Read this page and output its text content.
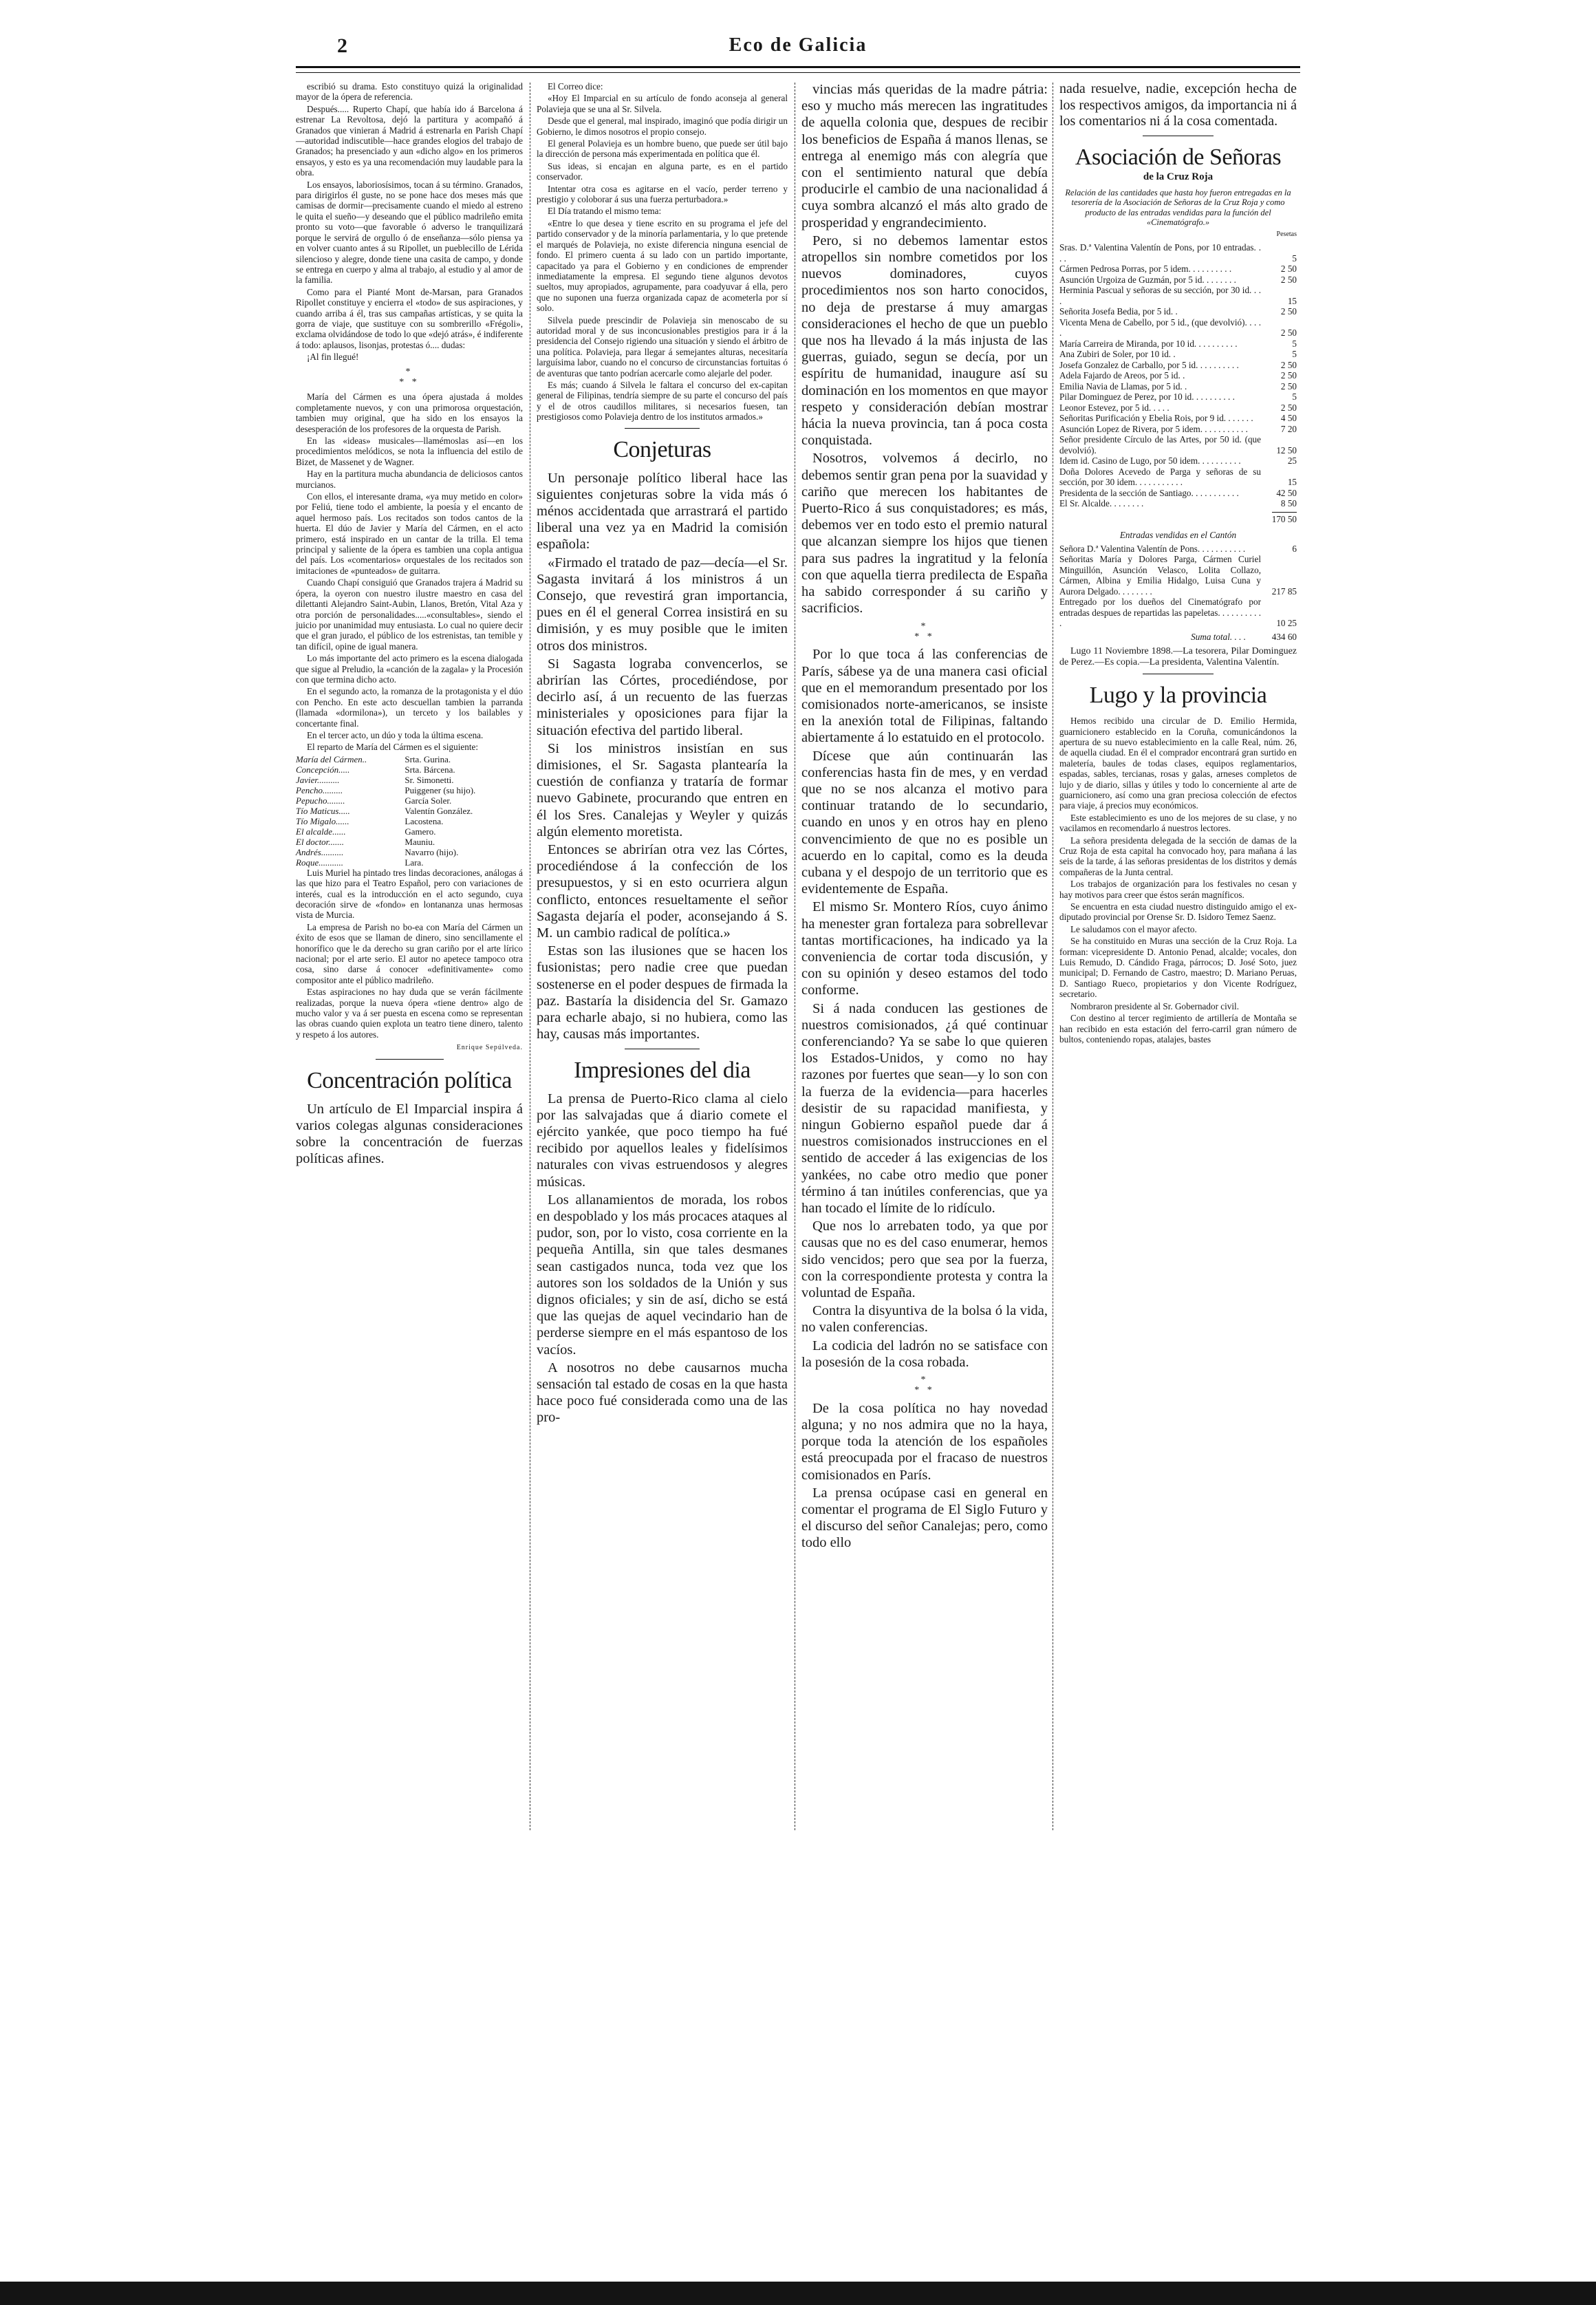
2	Eco de Galicia

escribió su drama. Esto constituyo quizá la originalidad mayor de la ópera de referencia.

Después..... Ruperto Chapí, que había ido á Barcelona á estrenar La Revoltosa, dejó la partitura y acompañó á Granados que vinieran á Madrid á estrenarla en Parish Chapí—autoridad indiscutible—hace grandes elogios del trabajo de Granados; ha presenciado y aun «dicho algo» en los primeros ensayos, y esto es ya una recomendación muy laudable para la obra.

Los ensayos, laboriosísimos, tocan á su término. Granados, para dirigirlos él guste, no se pone hace dos meses más que camisas de dormir—precisamente cuando el miedo al estreno le quita el sueño—y deseando que el público madrileño emita pronto su voto—que favorable ó adverso le tranquilizará porque le servirá de orgullo ó de enseñanza—sólo piensa ya en volver cuanto antes á su Ripollet, un pueblecillo de Lérida silencioso y alegre, donde tiene una casita de campo, y donde se entrega en cuerpo y alma al trabajo, al estudio y al amor de la familia.

Como para el Pianté Mont de-Marsan, para Granados Ripollet constituye y encierra el «todo» de sus aspiraciones, y cuando arriba á él, tras sus campañas artísticas, y se quita la gorra de viaje, que sustituye con su sombrerillo «Frégoli», exclama olvidándose de todo lo que «dejó atrás», é indiferente á todo: aplausos, lisonjas, protestas ó.... dudas:

¡Al fin llegué!

*
* *

María del Cármen es una ópera ajustada á moldes completamente nuevos, y con una primorosa orquestación, tambien muy original, que ha sido en los ensayos la desesperación de los profesores de la orquesta de Parish.

En las «ideas» musicales—llamémoslas así—en los procedimientos melódicos, se nota la influencia del estilo de Bizet, de Massenet y de Wagner.

Hay en la partitura mucha abundancia de deliciosos cantos murcianos.

Con ellos, el interesante drama, «ya muy metido en color» por Feliú, tiene todo el ambiente, la poesía y el encanto de aquel hermoso país. Los recitados son todos cantos de la huerta. El dúo de Javier y María del Cármen, en el acto primero, está inspirado en un cantar de la trilla. El tema principal y saliente de la ópera es tambien una copla antigua del país. Los «comentarios» orquestales de los recitados son imitaciones de «punteados» de guitarra.

Cuando Chapí consiguió que Granados trajera á Madrid su ópera, la oyeron con nuestro ilustre maestro en casa del dilettanti Alejandro Saint-Aubin, Llanos, Bretón, Vital Aza y otra porción de personalidades.....«consultables», siendo el juicio por unanimidad muy entusiasta. Lo cual no quiere decir que el gran jurado, el público de los estrenistas, tan temible y tan difícil, opine de igual manera.

Lo más importante del acto primero es la escena dialogada que sigue al Preludio, la «canción de la zagala» y la Procesión con que termina dicho acto.

En el segundo acto, la romanza de la protagonista y el dúo con Pencho. En este acto descuellan tambien la parranda (llamada «dormilona»), un terceto y los bailables y concertante final.

En el tercer acto, un dúo y toda la última escena.

El reparto de María del Cármen es el siguiente:

María del Cármen..	Srta. Gurina.
Concepción.....	Srta. Bárcena.
Javier..........	Sr. Simonetti.
Pencho.........	Puiggener (su hijo).
Pepucho........	García Soler.
Tío Maticus.....	Valentín González.
Tío Migalo......	Lacostena.
El alcalde......	Gamero.
El doctor.......	Mauniu.
Andrés..........	Navarro (hijo).
Roque...........	Lara.

Luis Muriel ha pintado tres lindas decoraciones, análogas á las que hizo para el Teatro Español, pero con variaciones de interés, cual es la introducción en el acto segundo, cuya decoración sirve de «fondo» en lontananza unas hermosas vista de Murcia.

La empresa de Parish no bo-ea con María del Cármen un éxito de esos que se llaman de dinero, sino sencillamente el honorífico que le da derecho su gran cariño por el arte lírico nacional; por el arte serio. El autor no apetece tampoco otra cosa, sino darse á conocer «definitivamente» como compositor ante el público madrileño.

Estas aspiraciones no hay duda que se verán fácilmente realizadas, porque la nueva ópera «tiene dentro» algo de mucho valor y va á ser puesta en escena como se representan las obras cuando quien explota un teatro tiene dinero, talento y respeto á los autores.

Enrique Sepúlveda.
Concentración política

Un artículo de El Imparcial inspira á varios colegas algunas consideraciones sobre la concentración de fuerzas políticas afines.

El Correo dice:

«Hoy El Imparcial en su artículo de fondo aconseja al general Polavieja que se una al Sr. Silvela.

Desde que el general, mal inspirado, imaginó que podía dirigir un Gobierno, le dimos nosotros el propio consejo.

El general Polavieja es un hombre bueno, que puede ser útil bajo la dirección de persona más experimentada en política que él.

Sus ideas, si encajan en alguna parte, es en el partido conservador.

Intentar otra cosa es agitarse en el vacío, perder terreno y prestigio y coloborar á sus una fuerza perturbadora.»

El Día tratando el mismo tema:

«Entre lo que desea y tiene escrito en su programa el jefe del partido conservador y de la minoría parlamentaria, y lo que pretende el marqués de Polavieja, no existe diferencia ninguna esencial de fondo. El primero cuenta á su lado con un partido importante, capacitado ya para el Gobierno y en condiciones de emprender inmediatamente la empresa. El segundo tiene algunos devotos sueltos, muy apropiados, agrupamente, para coadyuvar á ella, pero que no suponen una fuerza organizada capaz de acometerla por sí solo.

Silvela puede prescindir de Polavieja sin menoscabo de su autoridad moral y de sus inconcusionables prestigios para ir á la presidencia del Consejo rigiendo una situación y siendo el árbitro de una política. Polavieja, para llegar á semejantes alturas, necesitaría larguísima labor, cuando no el concurso de circunstancias fortuitas ó de aventuras que tanto podrían acercarle como alejarle del poder.

Es más; cuando á Silvela le faltara el concurso del ex-capitan general de Filipinas, tendría siempre de su parte el concurso del país y el de otros caudillos militares, si necesarios fuesen, tan prestigiosos como Polavieja dentro de los institutos armados.»

Conjeturas

Un personaje político liberal hace las siguientes conjeturas sobre la vida más ó ménos accidentada que arrastrará el partido liberal una vez ya en Madrid la comisión española:

«Firmado el tratado de paz—decía—el Sr. Sagasta invitará á los ministros á un Consejo, que revestirá gran importancia, pues en él el general Correa insistirá en su dimisión, y es muy posible que le imiten otros dos ministros.

Si Sagasta lograba convencerlos, se abrirían las Córtes, procediéndose, por decirlo así, á un recuento de las fuerzas ministeriales y oposiciones para fijar la situación efectiva del partido liberal.

Si los ministros insistían en sus dimisiones, el Sr. Sagasta plantearía la cuestión de confianza y trataría de formar nuevo Gabinete, procurando que entren en él los Sres. Canalejas y Weyler y quizás algún elemento moretista.

Entonces se abrirían otra vez las Córtes, procediéndose á la confección de los presupuestos, y si en esto ocurriera algun conflicto, entonces resueltamente el señor Sagasta dejaría el poder, aconsejando á S. M. un cambio radical de política.»

Estas son las ilusiones que se hacen los fusionistas; pero nadie cree que puedan sostenerse en el poder despues de firmada la paz. Bastaría la disidencia del Sr. Gamazo para echarle abajo, si no hubiera, como las hay, causas más importantes.

Impresiones del dia

La prensa de Puerto-Rico clama al cielo por las salvajadas que á diario comete el ejército yankée, que poco tiempo ha fué recibido por aquellos leales y fidelísimos naturales con vivas estruendosos y alegres músicas.

Los allanamientos de morada, los robos en despoblado y los más procaces ataques al pudor, son, por lo visto, cosa corriente en la pequeña Antilla, sin que tales desmanes sean castigados nunca, toda vez que los autores son los soldados de la Unión y sus dignos oficiales; y sin de así, dicho se está que las quejas de aquel vecindario han de perderse siempre en el más espantoso de los vacíos.

A nosotros no debe causarnos mucha sensación tal estado de cosas en la que hasta hace poco fué considerada como una de las pro-

vincias más queridas de la madre pátria: eso y mucho más merecen las ingratitudes de aquella colonia que, despues de recibir los beneficios de España á manos llenas, se entrega al enemigo más con alegría que con el sentimiento natural que debía producirle el cambio de una nacionalidad á cuya sombra alcanzó el más alto grado de prosperidad y engrandecimiento.

Pero, si no debemos lamentar estos atropellos sin nombre cometidos por los nuevos dominadores, cuyos procedimientos nos son harto conocidos, no deja de prestarse á muy amargas consideraciones el hecho de que un pueblo que nos ha llevado á la más injusta de las guerras, guiado, segun se decía, por un espíritu de humanidad, inaugure así su dominación en los momentos en que mayor respeto y consideración debían mostrar hácia la nueva provincia, tan á poca costa conquistada.

Nosotros, volvemos á decirlo, no debemos sentir gran pena por la suavidad y cariño que merecen los habitantes de Puerto-Rico á sus conquistadores; es más, debemos ver en todo esto el premio natural que alcanzan siempre los hijos que tienen para sus padres la ingratitud y la felonía con que aquella tierra predilecta de España ha sabido corresponder á su cariño y sacrificios.

*
* *

Por lo que toca á las conferencias de París, sábese ya de una manera casi oficial que en el memorandum presentado por los comisionados norte-americanos, se insiste en la anexión total de Filipinas, faltando abiertamente á lo estatuido en el protocolo.

Dícese que aún continuarán las conferencias hasta fin de mes, y en verdad que no se nos alcanza el motivo para continuar tratando de lo secundario, cuando en unos y en otros hay en pleno convencimiento de que no es posible un acuerdo en lo capital, como es la deuda cubana y el despojo de un territorio que es evidentemente de España.

El mismo Sr. Montero Ríos, cuyo ánimo ha menester gran fortaleza para sobrellevar tantas mortificaciones, ha indicado ya la conveniencia de cortar toda discusión, y con su opinión y deseo estamos del todo conforme.

Si á nada conducen las gestiones de nuestros comisionados, ¿á qué continuar conferenciando? Ya se sabe lo que quieren los Estados-Unidos, y como no hay razones por fuertes que sean—y lo son con la fuerza de la evidencia—para hacerles desistir de su rapacidad manifiesta, y ningun Gobierno español puede dar á nuestros comisionados instrucciones en el sentido de acceder á las exigencias de los yankées, no cabe otro medio que poner término á tan inútiles conferencias, que ya han tocado el límite de lo ridículo.

Que nos lo arrebaten todo, ya que por causas que no es del caso enumerar, hemos sido vencidos; pero que sea por la fuerza, con la correspondiente protesta y contra la voluntad de España.

Contra la disyuntiva de la bolsa ó la vida, no valen conferencias.

La codicia del ladrón no se satisface con la posesión de la cosa robada.

*
* *

De la cosa política no hay novedad alguna; y no nos admira que no la haya, porque toda la atención de los españoles está preocupada por el fracaso de nuestros comisionados en París.

La prensa ocúpase casi en general en comentar el programa de El Siglo Futuro y el discurso del señor Canalejas; pero, como todo ello

nada resuelve, nadie, excepción hecha de los respectivos amigos, da importancia ni á los comentarios ni á la cosa comentada.

Asociación de Señoras
de la Cruz Roja
Relación de las cantidades que hasta hoy fueron entregadas en la tesorería de la Asociación de Señoras de la Cruz Roja y como producto de las entradas vendidas para la función del «Cinematógrafo.»
Pesetas
Sras. D.ª Valentina Valentín de Pons, por 10 entradas. . . .	5
Cármen Pedrosa Porras, por 5 idem. . . . . . . . . .	2 50
Asunción Urgoiza de Guzmán, por 5 id. . . . . . . .	2 50
Herminia Pascual y señoras de su sección, por 30 id. . . .	15
Señorita Josefa Bedia, por 5 id. .	2 50
Vicenta Mena de Cabello, por 5 id., (que devolvió). . . . .	2 50
María Carreira de Miranda, por 10 id. . . . . . . . . .	5
Ana Zubiri de Soler, por 10 id. .	5
Josefa Gonzalez de Carballo, por 5 id. . . . . . . . . .	2 50
Adela Fajardo de Areos, por 5 id. .	2 50
Emilia Navia de Llamas, por 5 id. .	2 50
Pilar Dominguez de Perez, por 10 id. . . . . . . . . .	5
Leonor Estevez, por 5 id. . . . .	2 50
Señoritas Purificación y Ebelia Rois, por 9 id. . . . . . .	4 50
Asunción Lopez de Rivera, por 5 idem. . . . . . . . . . .	7 20
Señor presidente Círculo de las Artes, por 50 id. (que devolvió).	12 50
Idem id. Casino de Lugo, por 50 idem. . . . . . . . . .	25
Doña Dolores Acevedo de Parga y señoras de su sección, por 30 idem. . . . . . . . . . .	15
Presidenta de la sección de Santiago. . . . . . . . . . .	42 50
El Sr. Alcalde. . . . . . . .	8 50
170 50
Entradas vendidas en el Cantón
Señora D.ª Valentina Valentín de Pons. . . . . . . . . . .	6
Señoritas María y Dolores Parga, Cármen Curiel Minguillón, Asunción Velasco, Lolita Collazo, Cármen, Albina y Emilia Hidalgo, Luisa Cuna y Aurora Delgado. . . . . . . .	217 85
Entregado por los dueños del Cinematógrafo por entradas despues de repartidas las papeletas. . . . . . . . . . .	10 25
Suma total. . . .	434 60

Lugo 11 Noviembre 1898.—La tesorera, Pilar Dominguez de Perez.—Es copia.—La presidenta, Valentina Valentín.

Lugo y la provincia

Hemos recibido una circular de D. Emilio Hermida, guarnicionero establecido en la Coruña, comunicándonos la apertura de su nuevo establecimiento en la calle Real, núm. 26, de aquella ciudad. En él el comprador encontrará gran surtido en maletería, baules de todas clases, equipos reglamentarios, espadas, sables, tercianas, rosas y galas, arneses completos de lujo y de diario, sillas y útiles y todo lo concerniente al arte de guarnicionero, así como una gran preciosa colección de efectos para viaje, á precios muy económicos.

Este establecimiento es uno de los mejores de su clase, y no vacilamos en recomendarlo á nuestros lectores.

La señora presidenta delegada de la sección de damas de la Cruz Roja de esta capital ha convocado hoy, para mañana á las seis de la tarde, á las señoras presidentas de los distritos y demás compañeras de la Junta central.

Los trabajos de organización para los festivales no cesan y hay motivos para creer que éstos serán magníficos.

Se encuentra en esta ciudad nuestro distinguido amigo el ex-diputado provincial por Orense Sr. D. Isidoro Temez Saenz.

Le saludamos con el mayor afecto.

Se ha constituido en Muras una sección de la Cruz Roja. La forman: vicepresidente D. Antonio Penad, alcalde; vocales, don Luis Remudo, D. Cándido Fraga, párrocos; D. José Soto, juez municipal; D. Fernando de Castro, maestro; D. Mariano Peruas, D. Santiago Rueco, propietarios y don Vicente Rodríguez, secretario.

Nombraron presidente al Sr. Gobernador civil.

Con destino al tercer regimiento de artillería de Montaña se han recibido en esta estación del ferro-carril gran número de bultos, conteniendo ropas, atalajes, bastes
